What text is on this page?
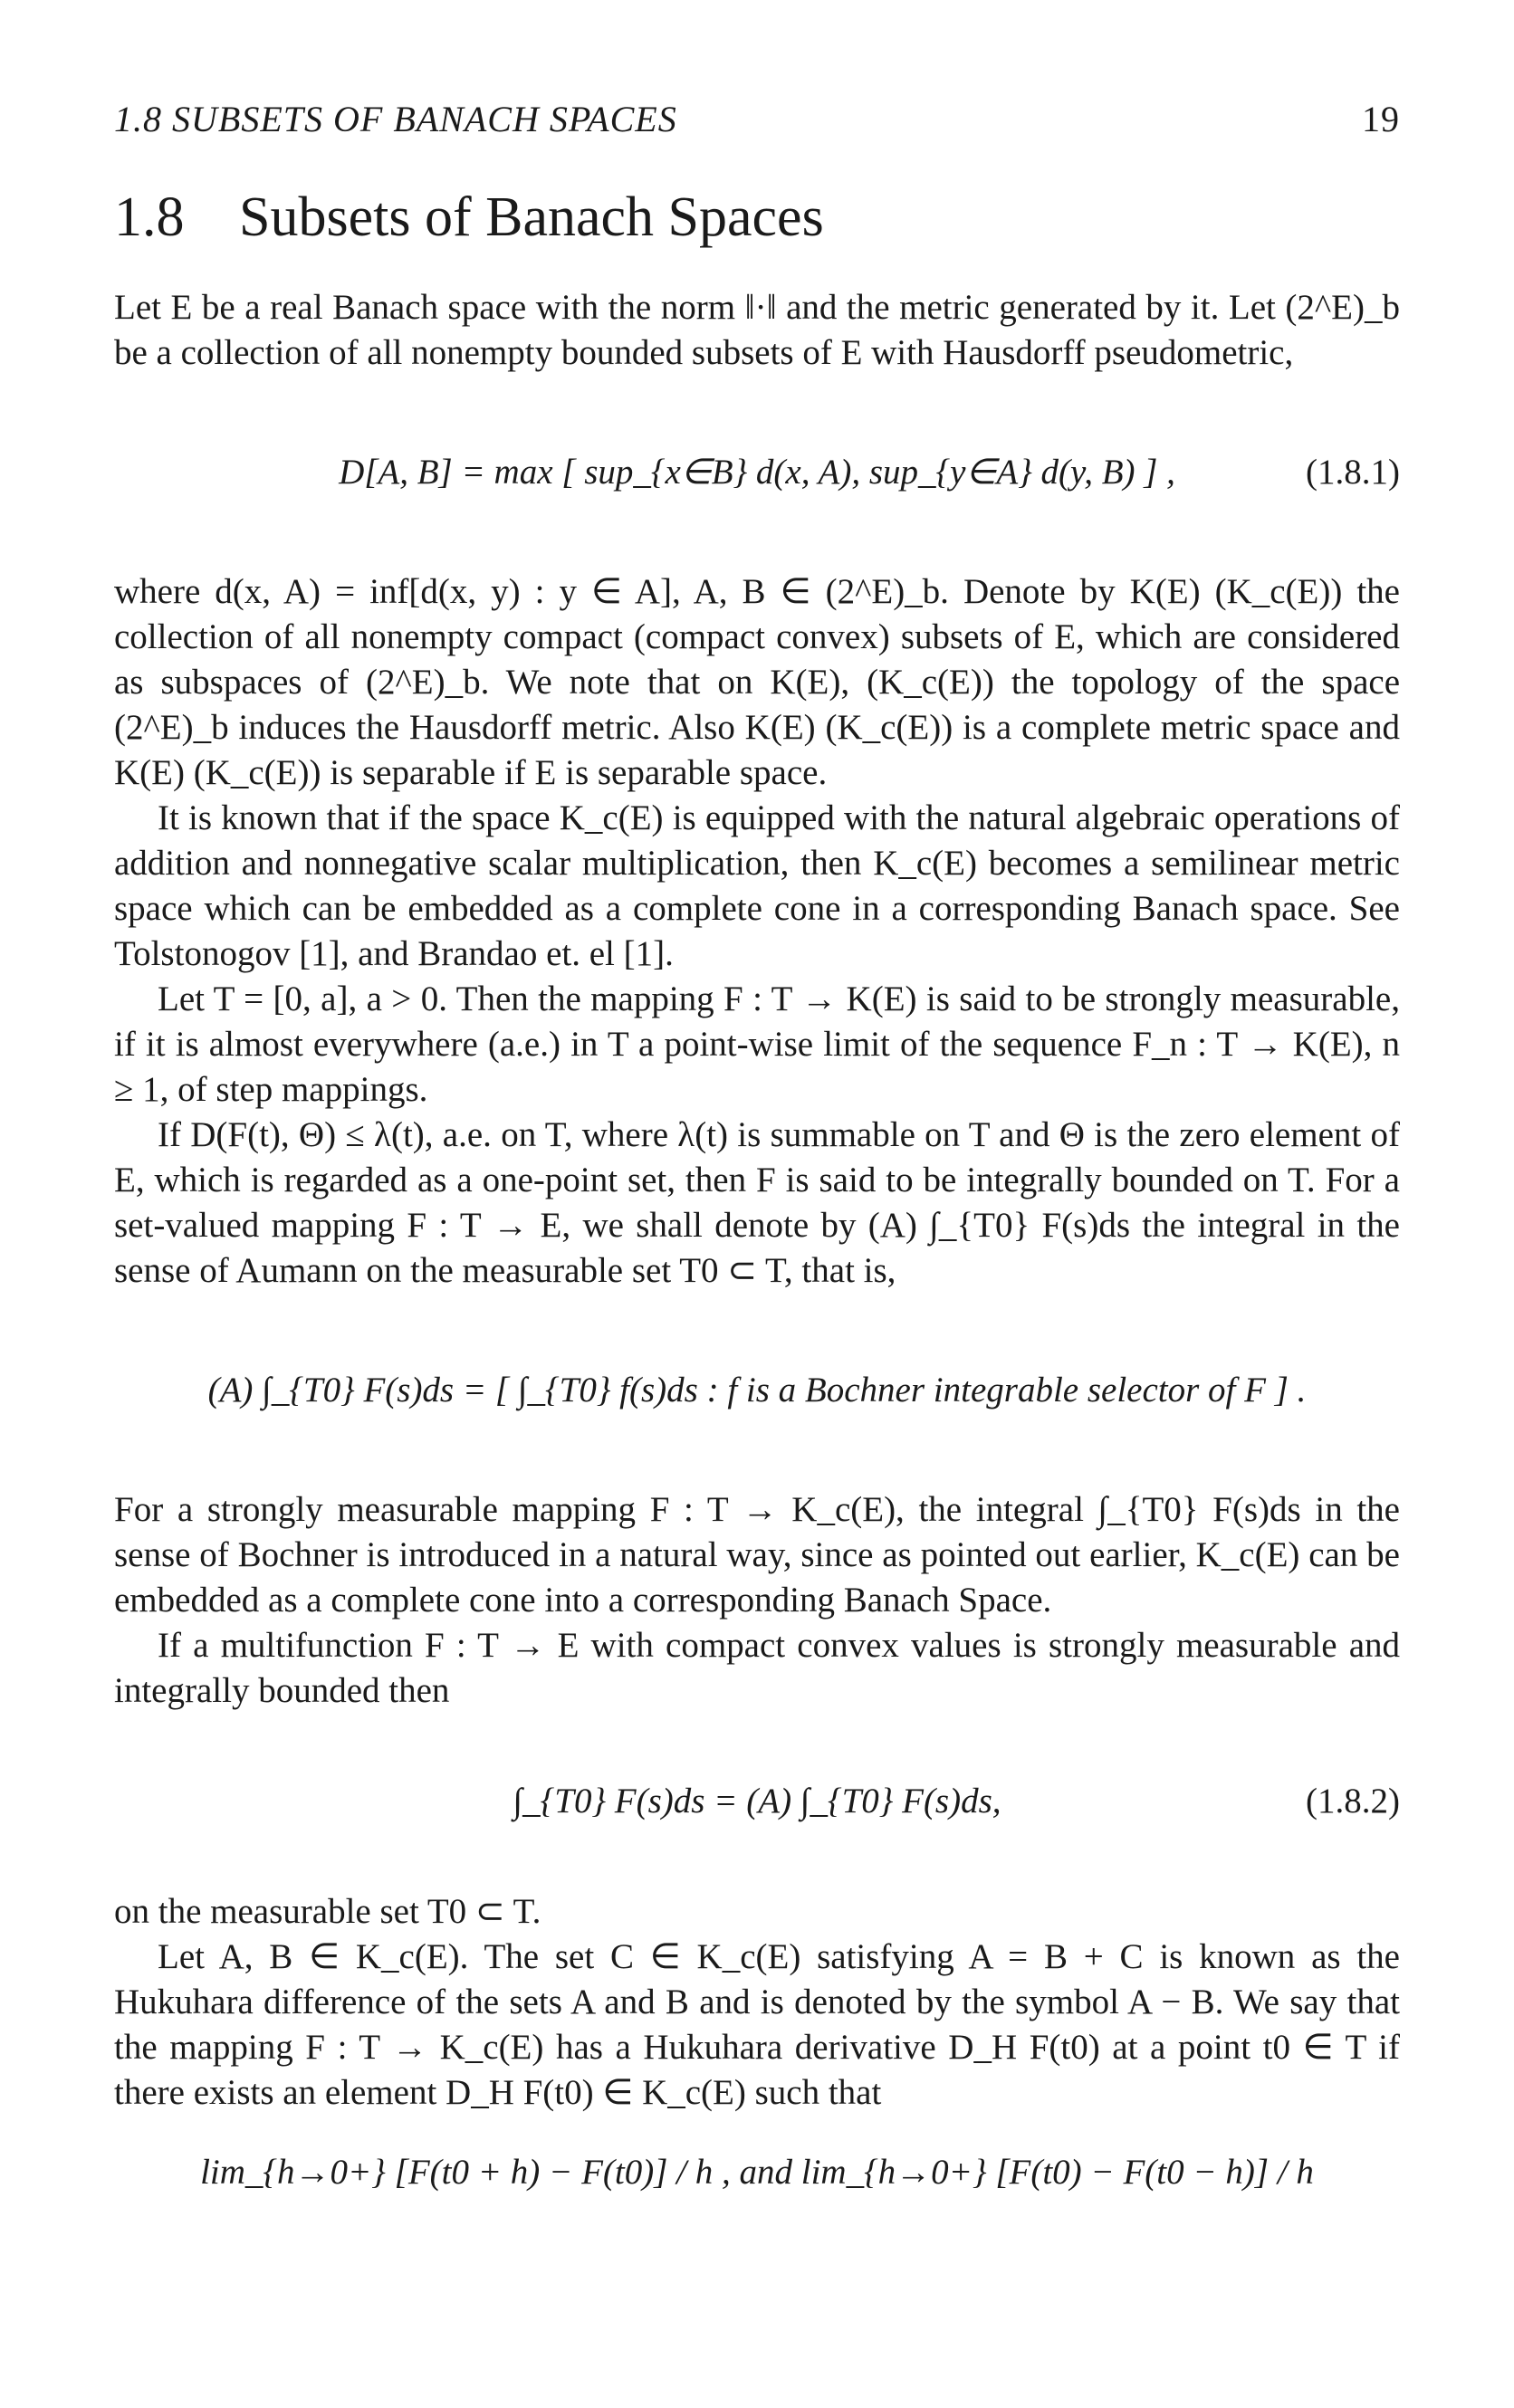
1.8 SUBSETS OF BANACH SPACES	19
1.8 Subsets of Banach Spaces

Let E be a real Banach space with the norm ‖·‖ and the metric generated by it. Let (2^E)_b be a collection of all nonempty bounded subsets of E with Hausdorff pseudometric,

D[A, B] = max [ sup_{x∈B} d(x, A), sup_{y∈A} d(y, B) ] ,	(1.8.1)

where d(x, A) = inf[d(x, y) : y ∈ A], A, B ∈ (2^E)_b. Denote by K(E) (K_c(E)) the collection of all nonempty compact (compact convex) subsets of E, which are considered as subspaces of (2^E)_b. We note that on K(E), (K_c(E)) the topology of the space (2^E)_b induces the Hausdorff metric. Also K(E) (K_c(E)) is a complete metric space and K(E) (K_c(E)) is separable if E is separable space.

It is known that if the space K_c(E) is equipped with the natural algebraic operations of addition and nonnegative scalar multiplication, then K_c(E) becomes a semilinear metric space which can be embedded as a complete cone in a corresponding Banach space. See Tolstonogov [1], and Brandao et. el [1].

Let T = [0, a], a > 0. Then the mapping F : T → K(E) is said to be strongly measurable, if it is almost everywhere (a.e.) in T a point-wise limit of the sequence F_n : T → K(E), n ≥ 1, of step mappings.

If D(F(t), Θ) ≤ λ(t), a.e. on T, where λ(t) is summable on T and Θ is the zero element of E, which is regarded as a one-point set, then F is said to be integrally bounded on T. For a set-valued mapping F : T → E, we shall denote by (A) ∫_{T0} F(s)ds the integral in the sense of Aumann on the measurable set T0 ⊂ T, that is,

(A) ∫_{T0} F(s)ds = [ ∫_{T0} f(s)ds : f is a Bochner integrable selector of F ] .

For a strongly measurable mapping F : T → K_c(E), the integral ∫_{T0} F(s)ds in the sense of Bochner is introduced in a natural way, since as pointed out earlier, K_c(E) can be embedded as a complete cone into a corresponding Banach Space.

If a multifunction F : T → E with compact convex values is strongly measurable and integrally bounded then

∫_{T0} F(s)ds = (A) ∫_{T0} F(s)ds,	(1.8.2)

on the measurable set T0 ⊂ T.

Let A, B ∈ K_c(E). The set C ∈ K_c(E) satisfying A = B + C is known as the Hukuhara difference of the sets A and B and is denoted by the symbol A − B. We say that the mapping F : T → K_c(E) has a Hukuhara derivative D_H F(t0) at a point t0 ∈ T if there exists an element D_H F(t0) ∈ K_c(E) such that

lim_{h→0+} [F(t0 + h) − F(t0)] / h , and lim_{h→0+} [F(t0) − F(t0 − h)] / h
